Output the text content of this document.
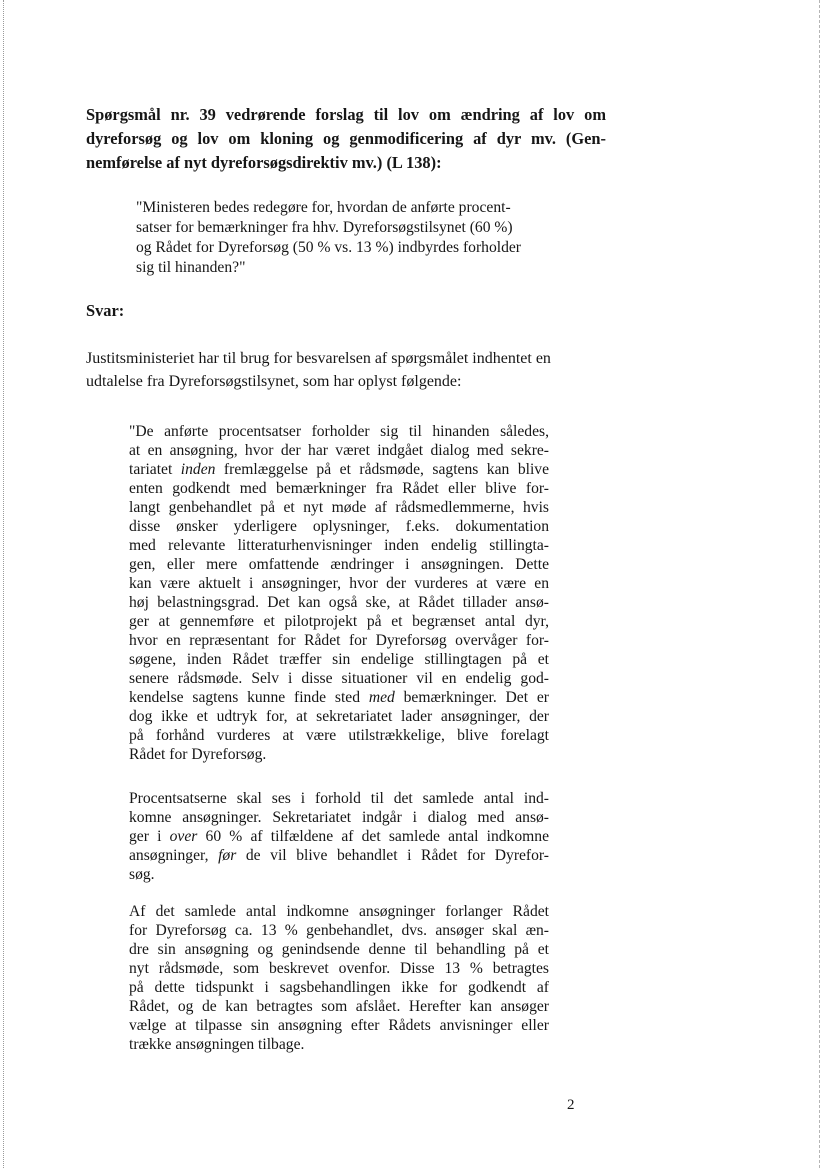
Spørgsmål nr. 39 vedrørende forslag til lov om ændring af lov om
dyreforsøg og lov om kloning og genmodificering af dyr mv. (Gen-
nemførelse af nyt dyreforsøgsdirektiv mv.) (L 138):
"Ministeren bedes redegøre for, hvordan de anførte procent-
satser for bemærkninger fra hhv. Dyreforsøgstilsynet (60 %)
og Rådet for Dyreforsøg (50 % vs. 13 %) indbyrdes forholder
sig til hinanden?"
Svar:
Justitsministeriet har til brug for besvarelsen af spørgsmålet indhentet en
udtalelse fra Dyreforsøgstilsynet, som har oplyst følgende:
"De anførte procentsatser forholder sig til hinanden således,
at en ansøgning, hvor der har været indgået dialog med sekre-
tariatet inden fremlæggelse på et rådsmøde, sagtens kan blive
enten godkendt med bemærkninger fra Rådet eller blive for-
langt genbehandlet på et nyt møde af rådsmedlemmerne, hvis
disse ønsker yderligere oplysninger, f.eks. dokumentation
med relevante litteraturhenvisninger inden endelig stillingta-
gen, eller mere omfattende ændringer i ansøgningen. Dette
kan være aktuelt i ansøgninger, hvor der vurderes at være en
høj belastningsgrad. Det kan også ske, at Rådet tillader ansø-
ger at gennemføre et pilotprojekt på et begrænset antal dyr,
hvor en repræsentant for Rådet for Dyreforsøg overvåger for-
søgene, inden Rådet træffer sin endelige stillingtagen på et
senere rådsmøde. Selv i disse situationer vil en endelig god-
kendelse sagtens kunne finde sted med bemærkninger. Det er
dog ikke et udtryk for, at sekretariatet lader ansøgninger, der
på forhånd vurderes at være utilstrækkelige, blive forelagt
Rådet for Dyreforsøg.
Procentsatserne skal ses i forhold til det samlede antal ind-
komne ansøgninger. Sekretariatet indgår i dialog med ansø-
ger i over 60 % af tilfældene af det samlede antal indkomne
ansøgninger, før de vil blive behandlet i Rådet for Dyrefor-
søg.
Af det samlede antal indkomne ansøgninger forlanger Rådet
for Dyreforsøg ca. 13 % genbehandlet, dvs. ansøger skal æn-
dre sin ansøgning og genindsende denne til behandling på et
nyt rådsmøde, som beskrevet ovenfor. Disse 13 % betragtes
på dette tidspunkt i sagsbehandlingen ikke for godkendt af
Rådet, og de kan betragtes som afslået. Herefter kan ansøger
vælge at tilpasse sin ansøgning efter Rådets anvisninger eller
trække ansøgningen tilbage.
2
